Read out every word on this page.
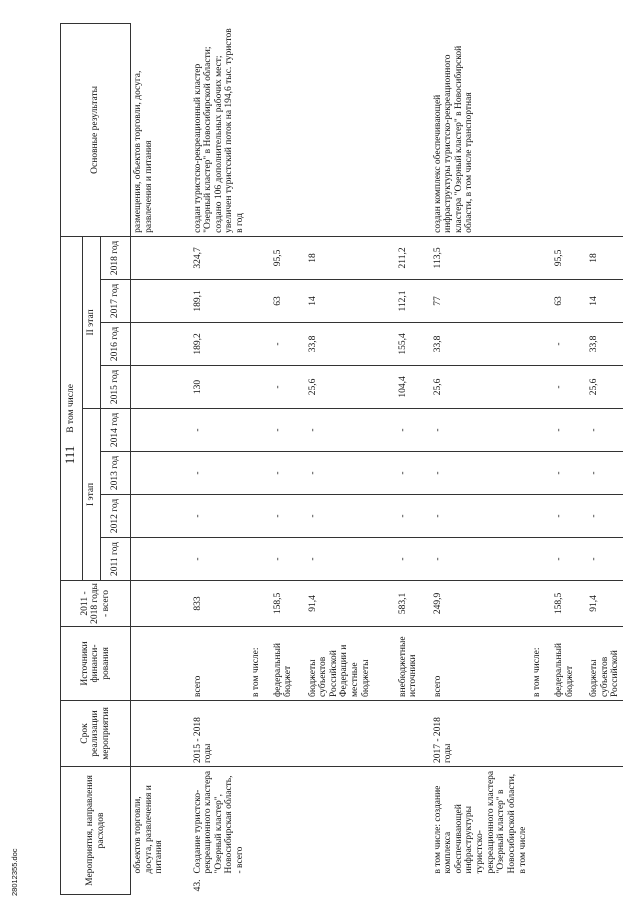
111
28012355.doc	Мероприятия, направления расходов		Срок реализации мероприятия	Источники финанси-рования	2011 - 2018 годы - всего	В том числе								Основные результаты
					I этап				II этап				
					2011 год	2012 год	2013 год	2014 год	2015 год	2016 год	2017 год	2018 год	
	объектов торговли, досуга, развлечения и питания												размещения, объектов торговли, досуга, развлечения и питания
43.	Создание туристско-рекреационного кластера "Озерный кластер", Новосибирская область, - всего	2015 - 2018 годы	всего	833	-	-	-	-	130	189,2	189,1	324,7	создан туристско-рекреационный кластер "Озерный кластер" в Новосибирской области; создано 106 дополнительных рабочих мест; увеличен туристский поток на 194,6 тыс. туристов в год
			в том числе:										
			федеральный бюджет	158,5	-	-	-	-	-	-	63	95,5	
			бюджеты субъектов Российской Федерации и местные бюджеты	91,4	-	-	-	-	25,6	33,8	14	18	
			внебюджетные источники	583,1	-	-	-	-	104,4	155,4	112,1	211,2	
	в том числе: создание комплекса обеспечивающей инфраструктуры туристско-рекреационного кластера "Озерный кластер" в Новосибирской области, в том числе	2017 - 2018 годы	всего	249,9	-	-	-	-	25,6	33,8	77	113,5	создан комплекс обеспечивающей инфраструктуры туристско-рекреационного кластера "Озерный кластер" в Новосибирской области, в том числе транспортная
			в том числе:										
			федеральный бюджет	158,5	-	-	-	-	-	-	63	95,5	
			бюджеты субъектов Российской	91,4	-	-	-	-	25,6	33,8	14	18	
